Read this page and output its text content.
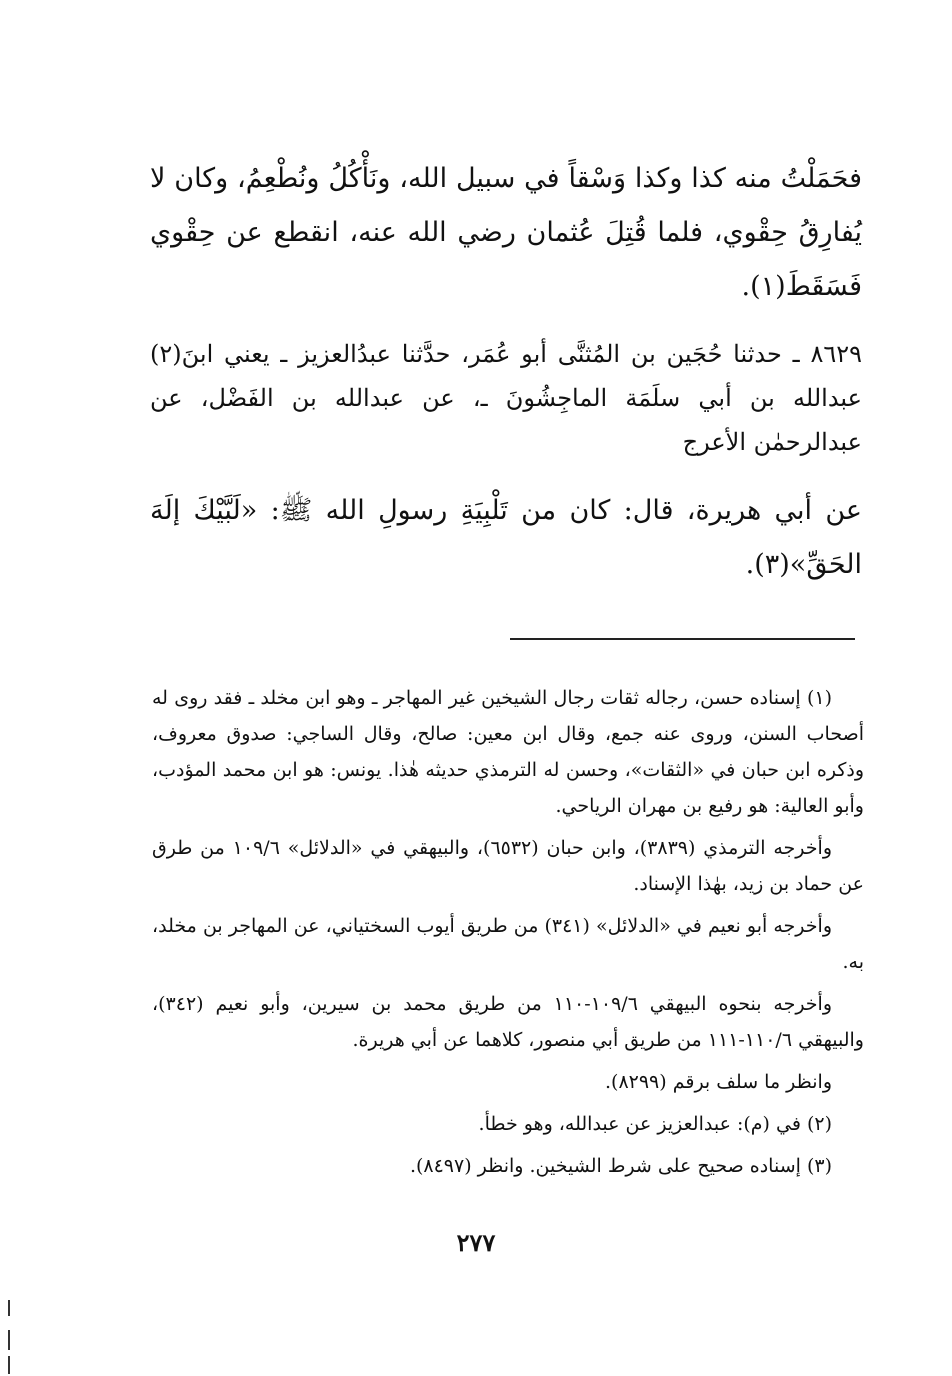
فحَمَلْتُ منه كذا وكذا وَسْقاً في سبيل الله، ونَأْكُلُ ونُطْعِمُ، وكان لا يُفارِقُ حِقْوي، فلما قُتِلَ عُثمان رضي الله عنه، انقطع عن حِقْوي فَسَقَطَ(١).

٨٦٢٩ ـ حدثنا حُجَين بن المُثنَّى أبو عُمَر، حدَّثنا عبدُالعزيز ـ يعني ابنَ(٢) عبدالله بن أبي سلَمَة الماجِشُونَ ـ، عن عبدالله بن الفَضْل، عن عبدالرحمٰن الأعرج

عن أبي هريرة، قال: كان من تَلْبِيَةِ رسولِ الله ﷺ: «لَبَّيْكَ إلَهَ الحَقِّ»(٣).

(١) إسناده حسن، رجاله ثقات رجال الشيخين غير المهاجر ـ وهو ابن مخلد ـ فقد روى له أصحاب السنن، وروى عنه جمع، وقال ابن معين: صالح، وقال الساجي: صدوق معروف، وذكره ابن حبان في «الثقات»، وحسن له الترمذي حديثه هٰذا. يونس: هو ابن محمد المؤدب، وأبو العالية: هو رفيع بن مهران الرياحي.

وأخرجه الترمذي (٣٨٣٩)، وابن حبان (٦٥٣٢)، والبيهقي في «الدلائل» ١٠٩/٦ من طرق عن حماد بن زيد، بهٰذا الإسناد.

وأخرجه أبو نعيم في «الدلائل» (٣٤١) من طريق أيوب السختياني، عن المهاجر بن مخلد، به.

وأخرجه بنحوه البيهقي ١٠٩/٦-١١٠ من طريق محمد بن سيرين، وأبو نعيم (٣٤٢)، والبيهقي ١١٠/٦-١١١ من طريق أبي منصور، كلاهما عن أبي هريرة.

وانظر ما سلف برقم (٨٢٩٩).

(٢) في (م): عبدالعزيز عن عبدالله، وهو خطأ.

(٣) إسناده صحيح على شرط الشيخين. وانظر (٨٤٩٧).

٢٧٧
